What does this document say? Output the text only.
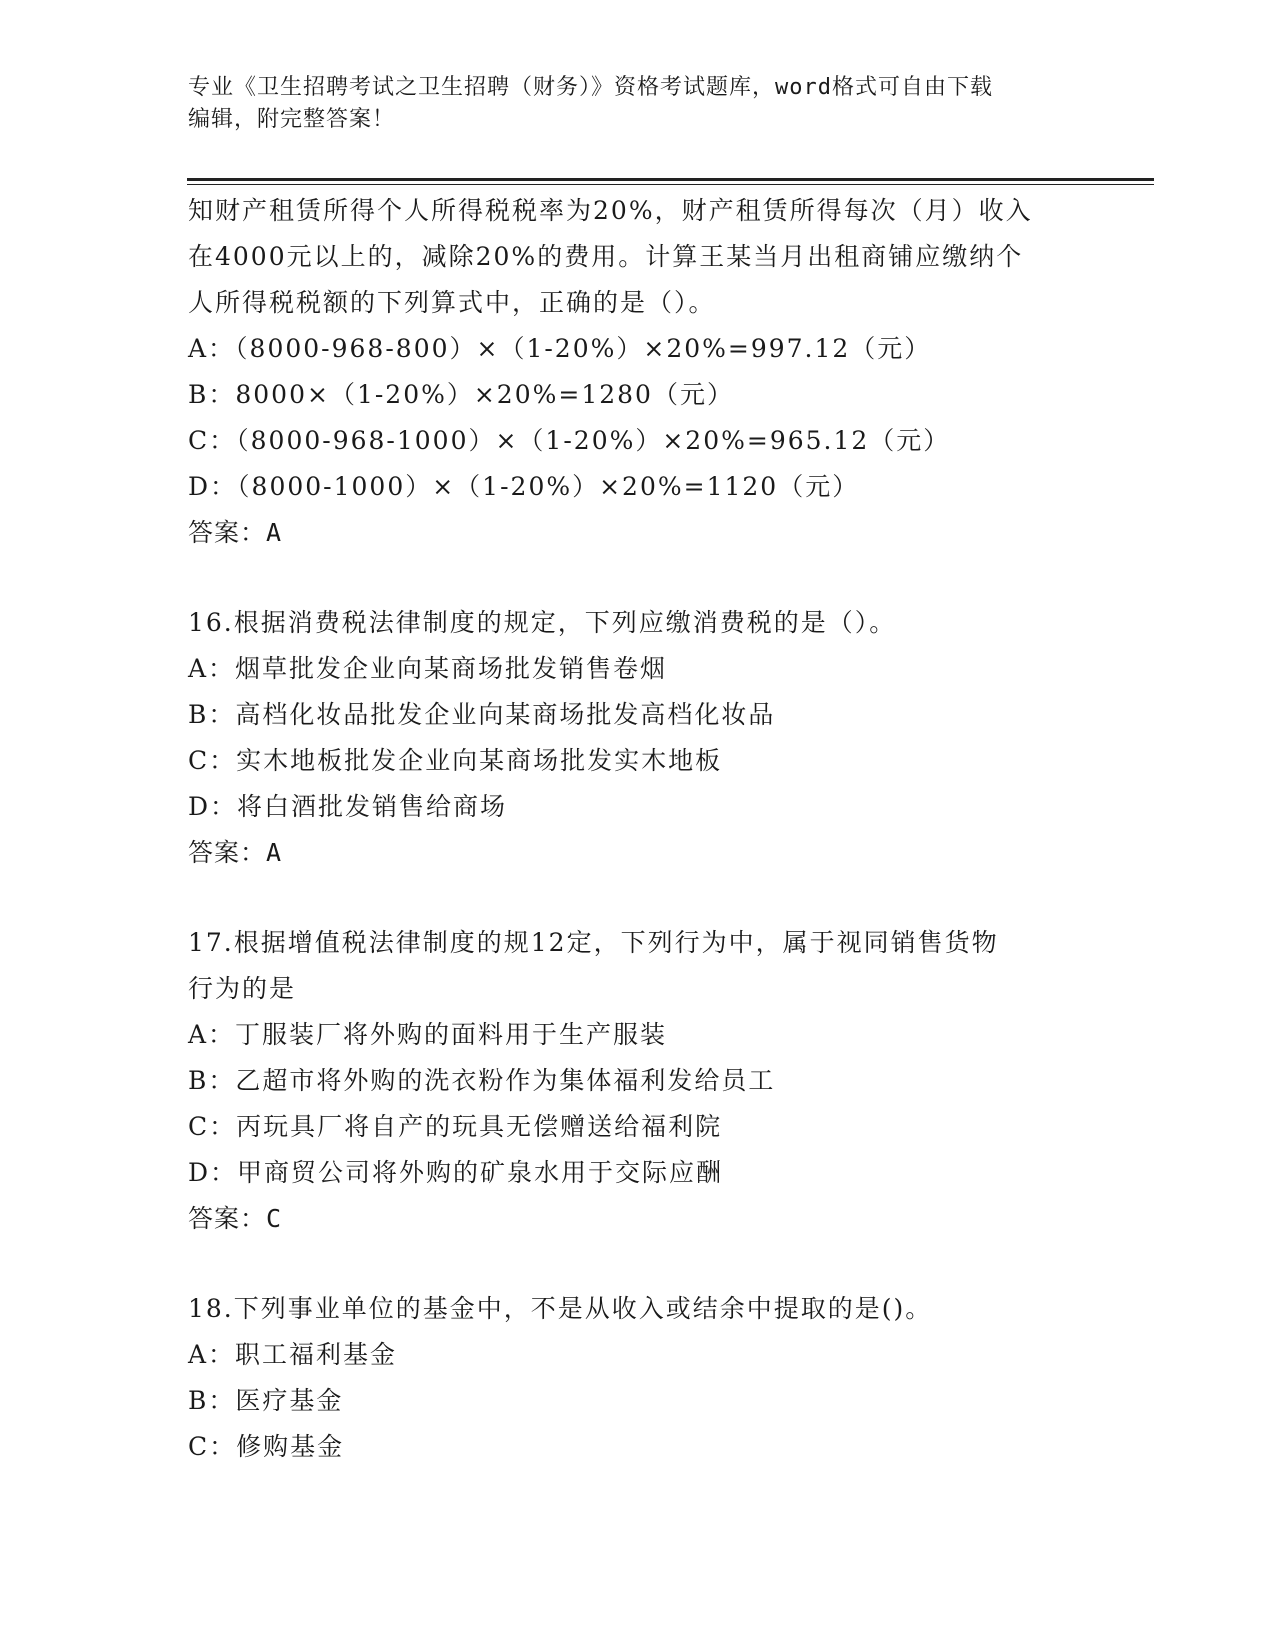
专业《卫生招聘考试之卫生招聘（财务）》资格考试题库，word格式可自由下载
编辑，附完整答案！
知财产租赁所得个人所得税税率为20%，财产租赁所得每次（月）收入
在4000元以上的，减除20%的费用。计算王某当月出租商铺应缴纳个
人所得税税额的下列算式中，正确的是（）。
A：（8000-968-800）×（1-20%）×20%=997.12（元）
B：8000×（1-20%）×20%=1280（元）
C：（8000-968-1000）×（1-20%）×20%=965.12（元）
D：（8000-1000）×（1-20%）×20%=1120（元）
答案：A
16.根据消费税法律制度的规定，下列应缴消费税的是（）。
A：烟草批发企业向某商场批发销售卷烟
B：高档化妆品批发企业向某商场批发高档化妆品
C：实木地板批发企业向某商场批发实木地板
D：将白酒批发销售给商场
答案：A
17.根据增值税法律制度的规12定，下列行为中，属于视同销售货物
行为的是
A：丁服装厂将外购的面料用于生产服装
B：乙超市将外购的洗衣粉作为集体福利发给员工
C：丙玩具厂将自产的玩具无偿赠送给福利院
D：甲商贸公司将外购的矿泉水用于交际应酬
答案：C
18.下列事业单位的基金中，不是从收入或结余中提取的是()。
A：职工福利基金
B：医疗基金
C：修购基金
